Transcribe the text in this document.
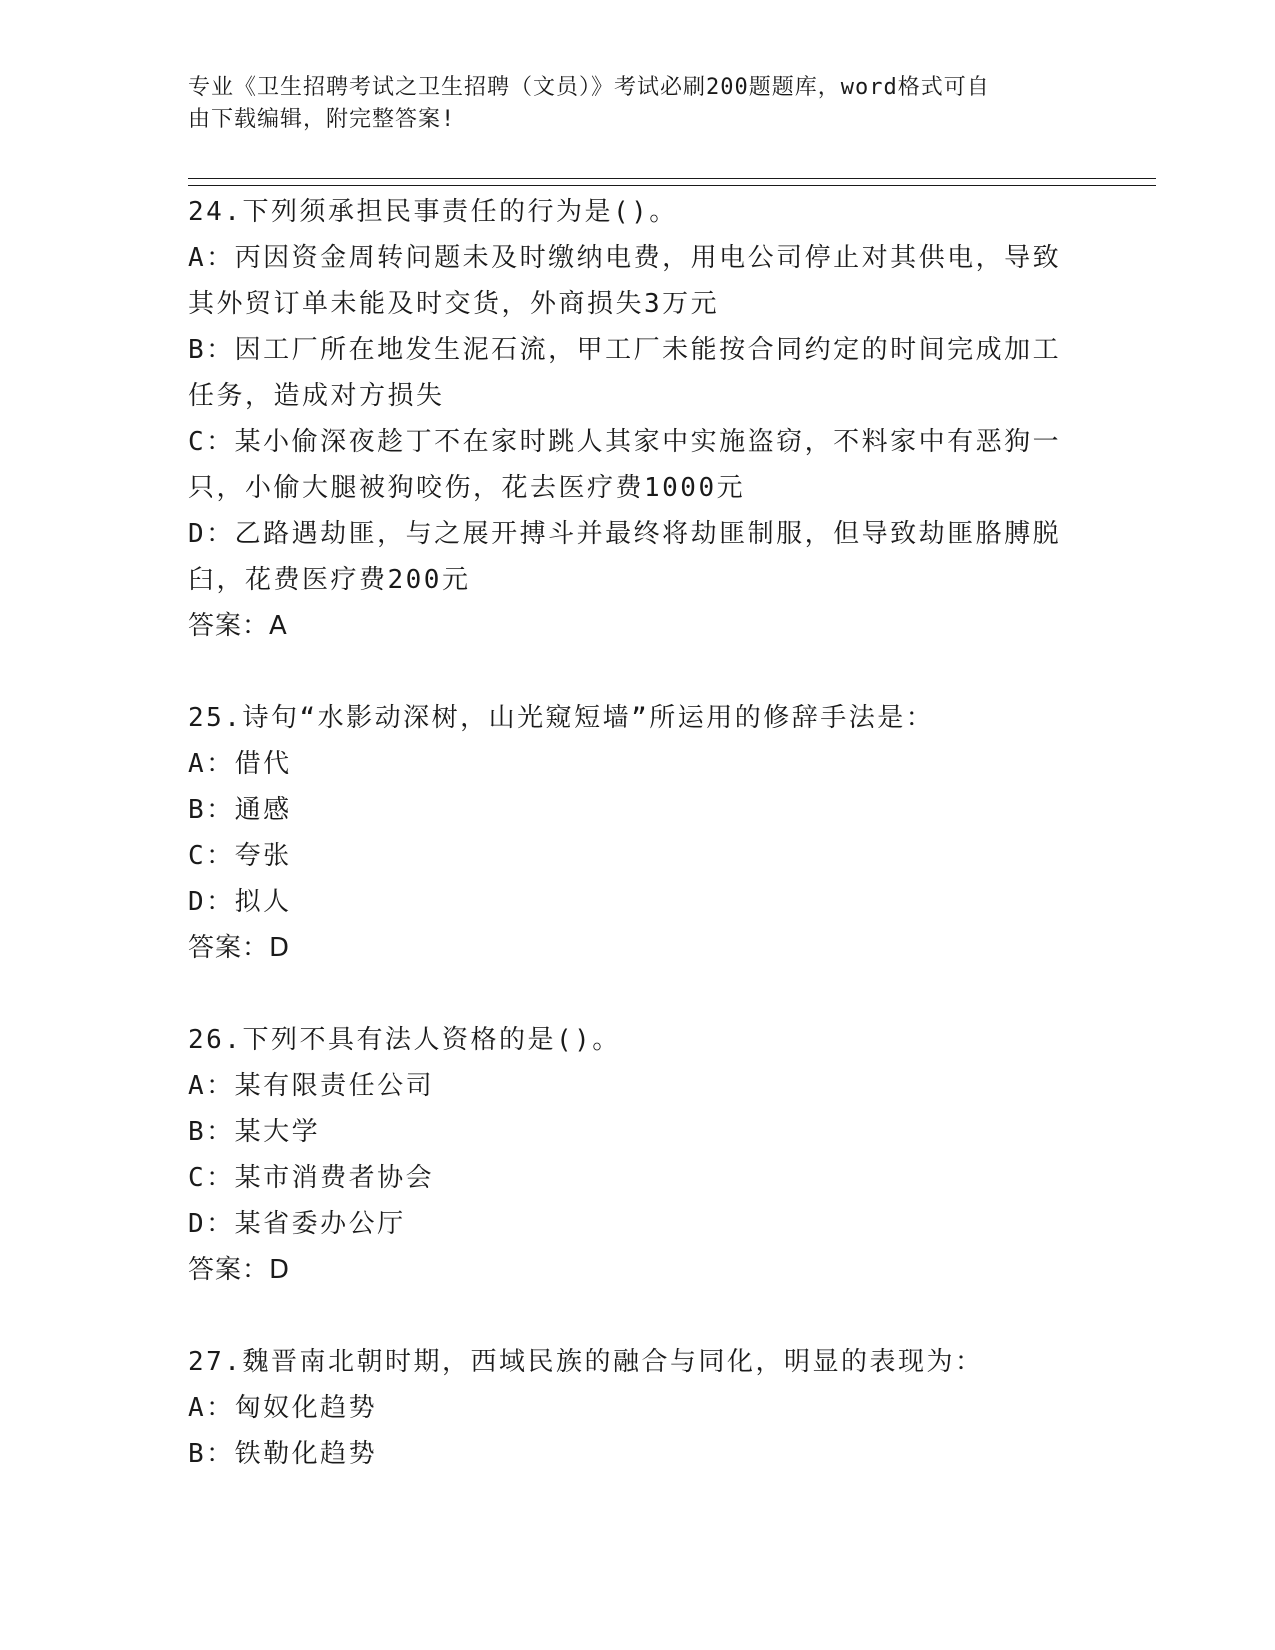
专业《卫生招聘考试之卫生招聘（文员）》考试必刷200题题库，word格式可自
由下载编辑，附完整答案!

24.下列须承担民事责任的行为是()。

A：丙因资金周转问题未及时缴纳电费，用电公司停止对其供电，导致

其外贸订单未能及时交货，外商损失3万元

B：因工厂所在地发生泥石流，甲工厂未能按合同约定的时间完成加工

任务，造成对方损失

C：某小偷深夜趁丁不在家时跳人其家中实施盗窃，不料家中有恶狗一

只，小偷大腿被狗咬伤，花去医疗费1000元

D：乙路遇劫匪，与之展开搏斗并最终将劫匪制服，但导致劫匪胳膊脱

臼，花费医疗费200元

答案：A

25.诗句“水影动深树，山光窥短墙”所运用的修辞手法是：

A：借代

B：通感

C：夸张

D：拟人

答案：D

26.下列不具有法人资格的是()。

A：某有限责任公司

B：某大学

C：某市消费者协会

D：某省委办公厅

答案：D

27.魏晋南北朝时期，西域民族的融合与同化，明显的表现为：

A：匈奴化趋势

B：铁勒化趋势
